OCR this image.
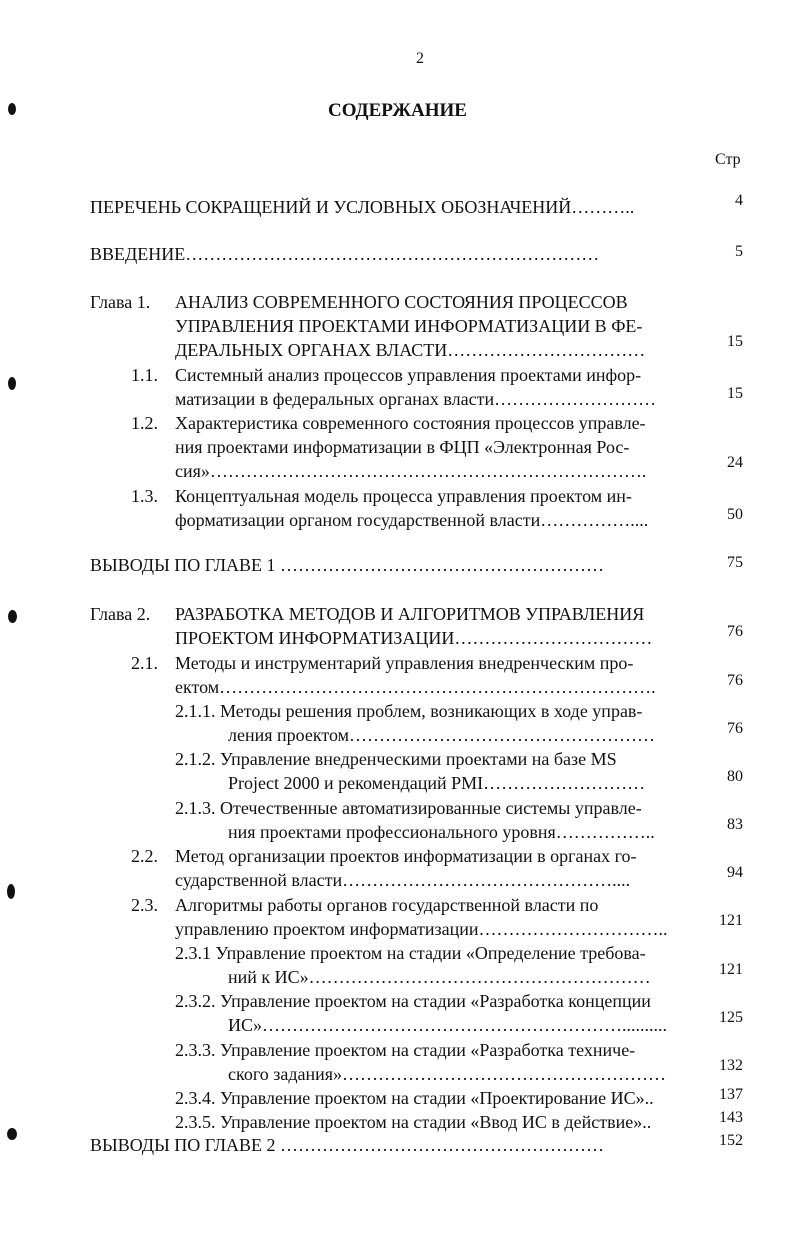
2
СОДЕРЖАНИЕ
Стр
ПЕРЕЧЕНЬ СОКРАЩЕНИЙ И УСЛОВНЫХ ОБОЗНАЧЕНИЙ………..	4
ВВЕДЕНИЕ……………………………………………………………	5
Глава 1. АНАЛИЗ СОВРЕМЕННОГО СОСТОЯНИЯ ПРОЦЕССОВ
УПРАВЛЕНИЯ ПРОЕКТАМИ ИНФОРМАТИЗАЦИИ В ФЕ-
ДЕРАЛЬНЫХ ОРГАНАХ ВЛАСТИ……………………………	15
1.1. Системный анализ процессов управления проектами инфор-
матизации в федеральных органах власти………………………	15
1.2. Характеристика современного состояния процессов управле-
ния проектами информатизации в ФЦП «Электронная Рос-
сия»……………………………………………………………….	24
1.3. Концептуальная модель процесса управления проектом ин-
форматизации органом государственной власти……………....	50
ВЫВОДЫ ПО ГЛАВЕ 1 ………………………………………………	75
Глава 2. РАЗРАБОТКА МЕТОДОВ И АЛГОРИТМОВ УПРАВЛЕНИЯ
ПРОЕКТОМ ИНФОРМАТИЗАЦИИ……………………………	76
2.1. Методы и инструментарий управления внедренческим про-
ектом……………………………………………………………….	76
2.1.1. Методы решения проблем, возникающих в ходе управ-
ления проектом……………………………………………	76
2.1.2. Управление внедренческими проектами на базе MS
Project 2000 и рекомендаций PMI………………………	80
2.1.3. Отечественные автоматизированные системы управле-
ния проектами профессионального уровня……………..	83
2.2. Метод организации проектов информатизации в органах го-
сударственной власти………………………………………....	94
2.3. Алгоритмы работы органов государственной власти по
управлению проектом информатизации…………………………..	121
2.3.1 Управление проектом на стадии «Определение требова-
ний к ИС»…………………………………………………	121
2.3.2. Управление проектом на стадии «Разработка концепции
ИС»……………………………………………………..........	125
2.3.3. Управление проектом на стадии «Разработка техниче-
ского задания»………………………………………………	132
2.3.4. Управление проектом на стадии «Проектирование ИС»..	137
2.3.5. Управление проектом на стадии «Ввод ИС в действие»..	143
ВЫВОДЫ ПО ГЛАВЕ 2 ………………………………………………	152
